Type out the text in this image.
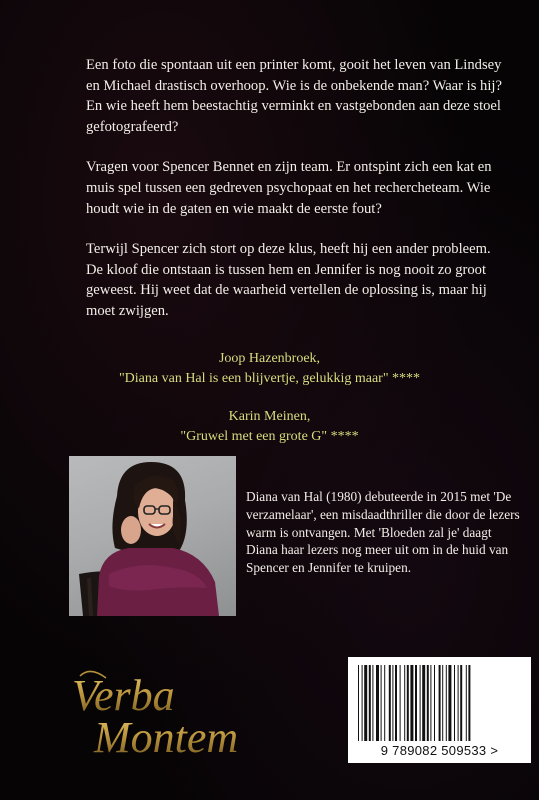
Een foto die spontaan uit een printer komt, gooit het leven van Lindsey en Michael drastisch overhoop. Wie is de onbekende man? Waar is hij? En wie heeft hem beestachtig verminkt en vastgebonden aan deze stoel gefotografeerd?

Vragen voor Spencer Bennet en zijn team. Er ontspint zich een kat en muis spel tussen een gedreven psychopaat en het rechercheteam. Wie houdt wie in de gaten en wie maakt de eerste fout?

Terwijl Spencer zich stort op deze klus, heeft hij een ander probleem. De kloof die ontstaan is tussen hem en Jennifer is nog nooit zo groot geweest. Hij weet dat de waarheid vertellen de oplossing is, maar hij moet zwijgen.

Joop Hazenbroek,
"Diana van Hal is een blijvertje, gelukkig maar" ****
Karin Meinen,
"Gruwel met een grote G" ****
Diana van Hal (1980) debuteerde in 2015 met 'De verzamelaar', een misdaadthriller die door de lezers warm is ontvangen. Met 'Bloeden zal je' daagt Diana haar lezers nog meer uit om in de huid van Spencer en Jennifer te kruipen.
Verba
Montem	9 789082 509533 >
